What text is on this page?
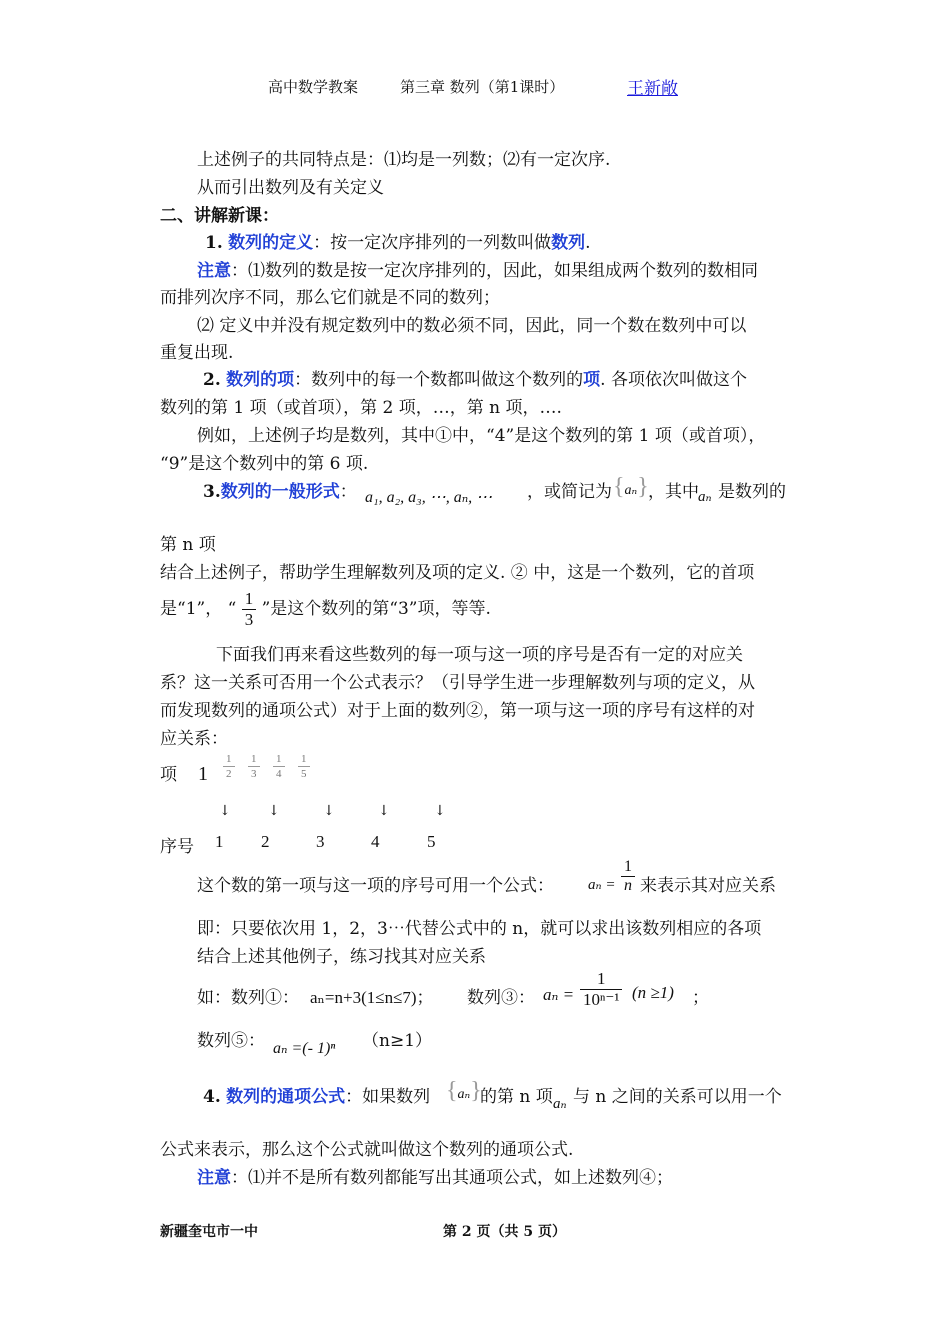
高中数学教案	第三章 数列（第1课时）	王新敞
上述例子的共同特点是：⑴均是一列数；⑵有一定次序.
从而引出数列及有关定义
二、讲解新课：
1. 数列的定义：按一定次序排列的一列数叫做数列.
注意：⑴数列的数是按一定次序排列的，因此，如果组成两个数列的数相同
而排列次序不同，那么它们就是不同的数列；
⑵ 定义中并没有规定数列中的数必须不同，因此，同一个数在数列中可以
重复出现.
2. 数列的项：数列中的每一个数都叫做这个数列的项. 各项依次叫做这个
数列的第 1 项（或首项），第 2 项，…，第 n 项，….
例如，上述例子均是数列，其中①中，“4”是这个数列的第 1 项（或首项），
“9”是这个数列中的第 6 项.
3.数列的一般形式： a₁, a₂, a₃, ⋯, aₙ, ⋯ ，或简记为 {aₙ} ，其中 aₙ 是数列的
第 n 项
结合上述例子，帮助学生理解数列及项的定义. ② 中，这是一个数列，它的首项
是“1”， “ $\frac{1}{3}$ ”是这个数列的第“3”项，等等.
下面我们再来看这些数列的每一项与这一项的序号是否有一定的对应关
系？这一关系可否用一个公式表示？（引导学生进一步理解数列与项的定义，从
而发现数列的通项公式）对于上面的数列②，第一项与这一项的序号有这样的对
应关系：
项 $1 \frac{1}{2} \frac{1}{3} \frac{1}{4} \frac{1}{5}$
↓	↓	↓	↓	↓
序号 1 2	3	4	5
这个数的第一项与这一项的序号可用一个公式： $a_n = \frac{1}{n}$ 来表示其对应关系
即：只要依次用 1，2，3⋯代替公式中的 n，就可以求出该数列相应的各项
结合上述其他例子，练习找其对应关系
如：数列①： aₙ=n+3(1≤n≤7)； 数列③： $a_n = \frac{1}{\text{10ⁿ⁻¹}} (n \ge 1)$ ；
数列⑤： aₙ =(- 1)ⁿ （n≥1）
4. 数列的通项公式：如果数列 {aₙ}
的第 n 项 aₙ 与 n 之间的关系可以用一个
公式来表示，那么这个公式就叫做这个数列的通项公式.
注意：⑴并不是所有数列都能写出其通项公式，如上述数列④；
新疆奎屯市一中	第 2 页（共 5 页）
